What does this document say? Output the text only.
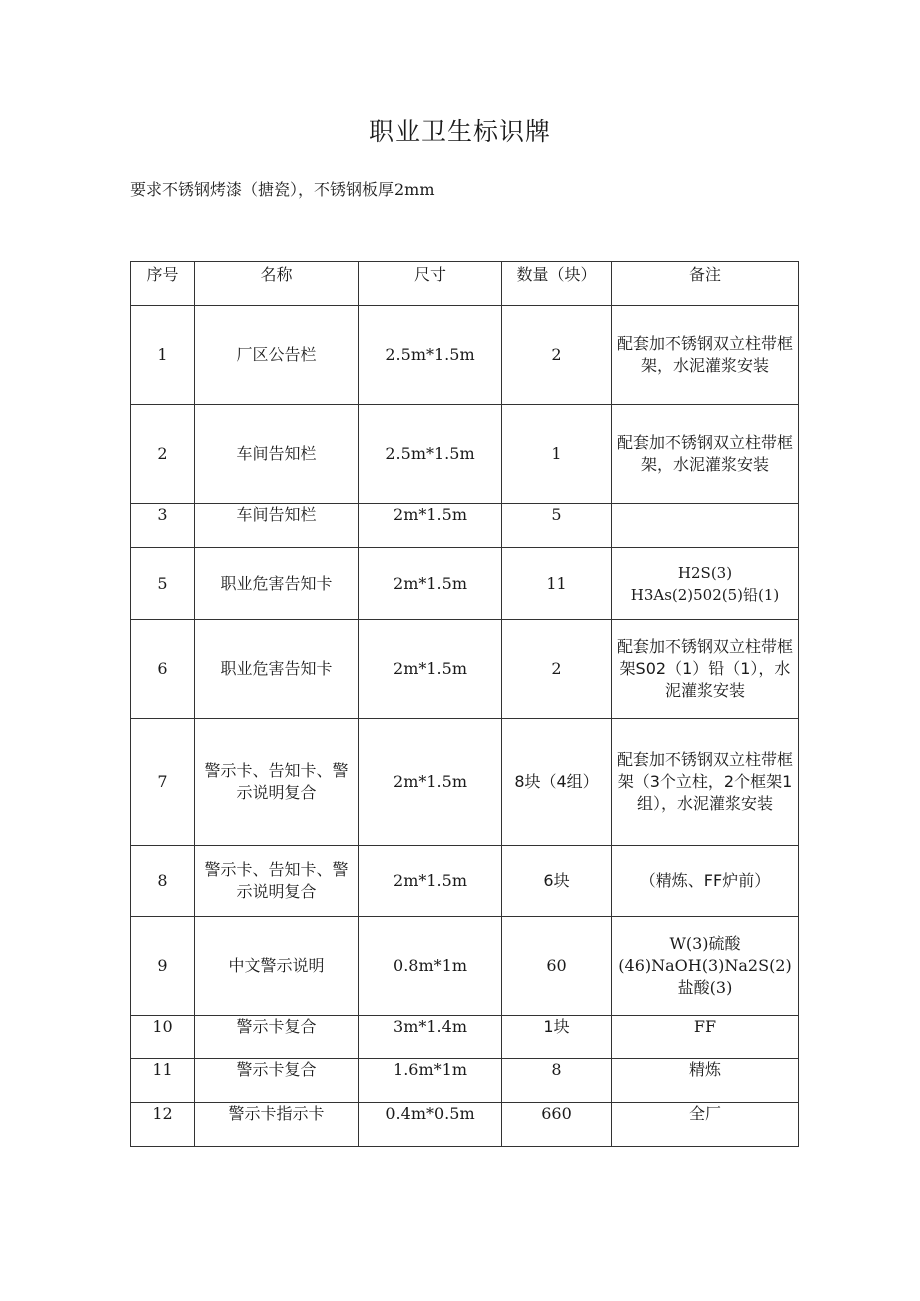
职业卫生标识牌
要求不锈钢烤漆（搪瓷），不锈钢板厚2mm
序号	名称	尺寸	数量（块）	备注
1	厂区公告栏	2.5m*1.5m	2	配套加不锈钢双立柱带框架，水泥灌浆安装
2	车间告知栏	2.5m*1.5m	1	配套加不锈钢双立柱带框架，水泥灌浆安装
3	车间告知栏	2m*1.5m	5	
5	职业危害告知卡	2m*1.5m	11	H2S(3)
H3As(2)502(5)铅(1)
6	职业危害告知卡	2m*1.5m	2	配套加不锈钢双立柱带框架S02（1）铅（1），水泥灌浆安装
7	警示卡、告知卡、警示说明复合	2m*1.5m	8块（4组）	配套加不锈钢双立柱带框架（3个立柱，2个框架1组），水泥灌浆安装
8	警示卡、告知卡、警示说明复合	2m*1.5m	6块	（精炼、FF炉前）
9	中文警示说明	0.8m*1m	60	W(3)硫酸(46)NaOH(3)Na2S(2)盐酸(3)
10	警示卡复合	3m*1.4m	1块	FF
11	警示卡复合	1.6m*1m	8	精炼
12	警示卡指示卡	0.4m*0.5m	660	全厂
